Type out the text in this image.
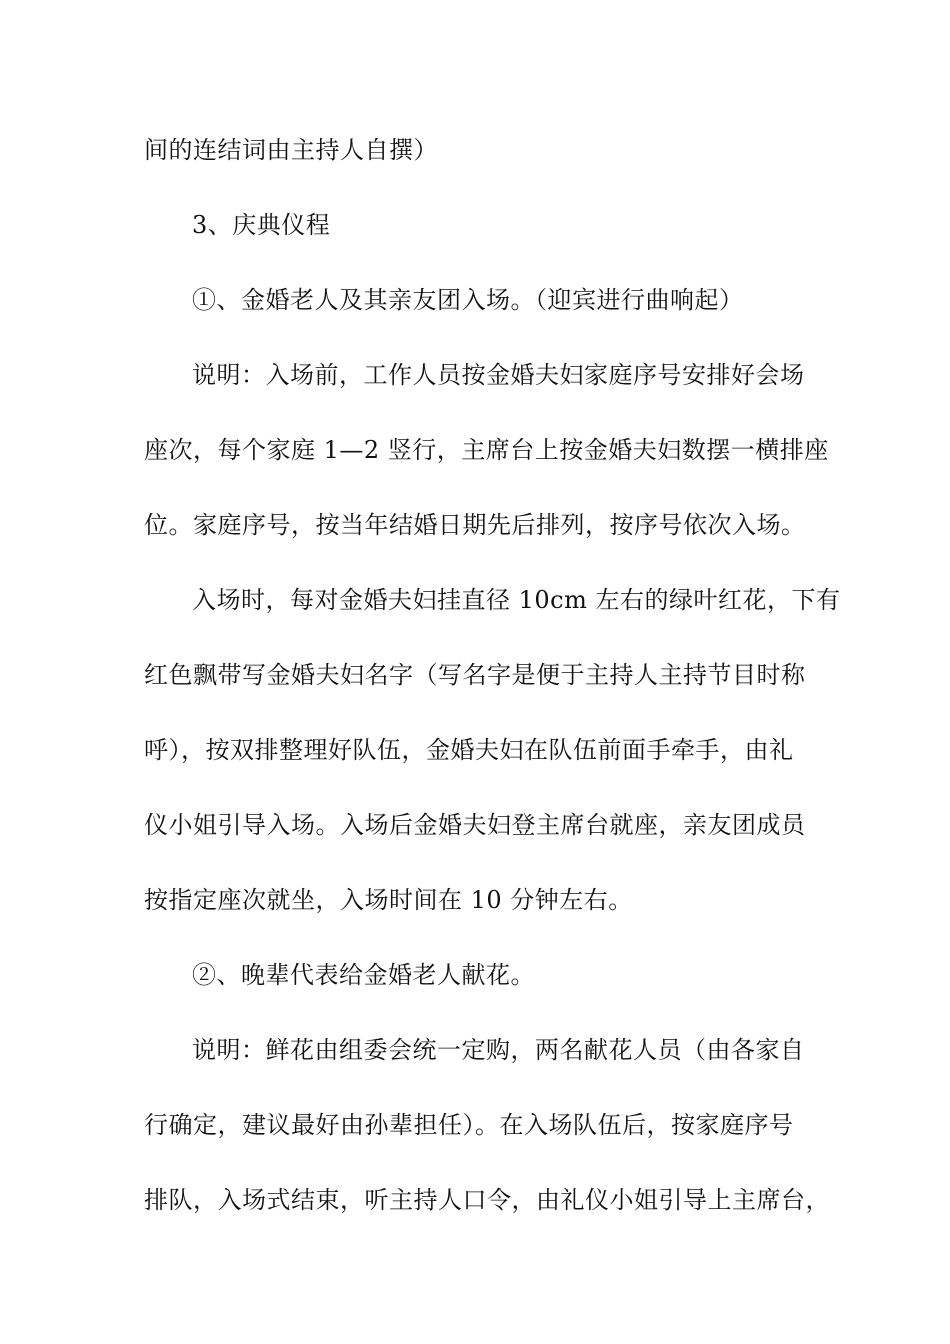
间的连结词由主持人自撰）
3、庆典仪程
①、金婚老人及其亲友团入场。（迎宾进行曲响起）
说明：入场前，工作人员按金婚夫妇家庭序号安排好会场
座次，每个家庭 1—2 竖行，主席台上按金婚夫妇数摆一横排座
位。家庭序号，按当年结婚日期先后排列，按序号依次入场。
入场时，每对金婚夫妇挂直径 10cm 左右的绿叶红花，下有
红色飘带写金婚夫妇名字（写名字是便于主持人主持节目时称
呼），按双排整理好队伍，金婚夫妇在队伍前面手牵手，由礼
仪小姐引导入场。入场后金婚夫妇登主席台就座，亲友团成员
按指定座次就坐，入场时间在 10 分钟左右。
②、晚辈代表给金婚老人献花。
说明：鲜花由组委会统一定购，两名献花人员（由各家自
行确定，建议最好由孙辈担任）。在入场队伍后，按家庭序号
排队，入场式结束，听主持人口令，由礼仪小姐引导上主席台，
